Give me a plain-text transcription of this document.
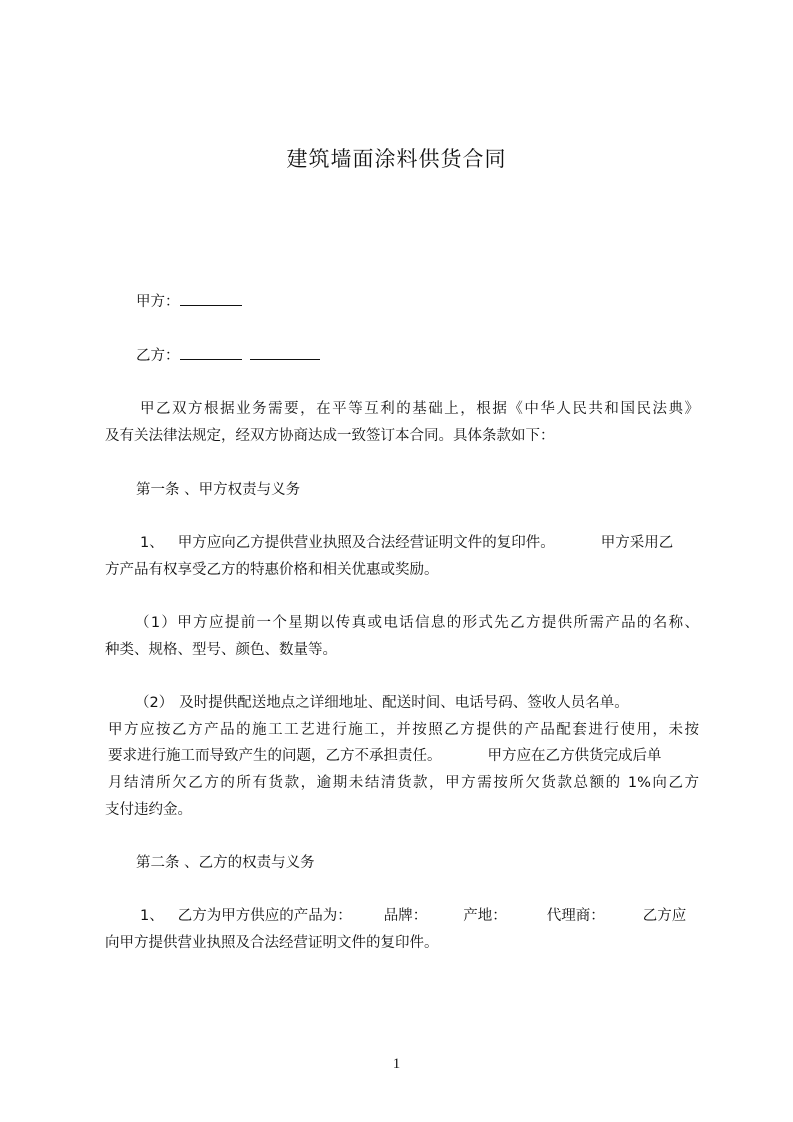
建筑墙面涂料供货合同
甲方：
乙方：
甲乙双方根据业务需要，在平等互利的基础上，根据《中华人民共和国民法典》
及有关法律法规定，经双方协商达成一致签订本合同。具体条款如下：
第一条 、甲方权责与义务
1、 甲方应向乙方提供营业执照及合法经营证明文件的复印件。	甲方采用乙
方产品有权享受乙方的特惠价格和相关优惠或奖励。
（1）甲方应提前一个星期以传真或电话信息的形式先乙方提供所需产品的名称、
种类、规格、型号、颜色、数量等。
（2） 及时提供配送地点之详细地址、配送时间、电话号码、签收人员名单。
甲方应按乙方产品的施工工艺进行施工，并按照乙方提供的产品配套进行使用，未按
要求进行施工而导致产生的问题，乙方不承担责任。	甲方应在乙方供货完成后单
月结清所欠乙方的所有货款，逾期未结清货款，甲方需按所欠货款总额的 1%向乙方
支付违约金。
第二条 、乙方的权责与义务
1、 乙方为甲方供应的产品为： 品牌： 产地：	代理商：	乙方应
向甲方提供营业执照及合法经营证明文件的复印件。
1
